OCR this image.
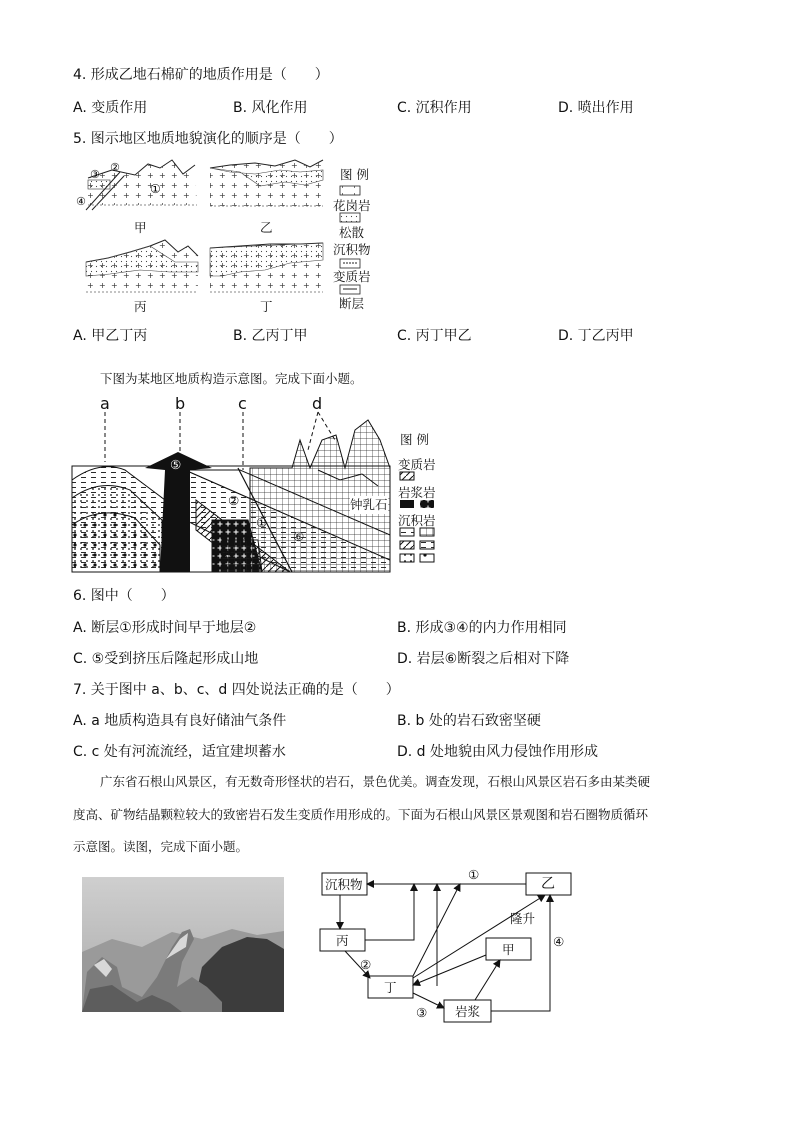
4. 形成乙地石棉矿的地质作用是（　　）
A. 变质作用	B. 风化作用	C. 沉积作用	D. 喷出作用
5. 图示地区地质地貌演化的顺序是（　　）
①
②
③
④
甲	乙
丙	丁
图 例
花岗岩
松散
沉积物
变质岩
断层
A. 甲乙丁丙	B. 乙丙丁甲	C. 丙丁甲乙	D. 丁乙丙甲
下图为某地区地质构造示意图。完成下面小题。
a	b	c	d
⑤
②
①
③
④
⑥
钟乳石
图 例
变质岩
岩浆岩
沉积岩
6. 图中（　　）
A. 断层①形成时间早于地层②	B. 形成③④的内力作用相同
C. ⑤受到挤压后隆起形成山地	D. 岩层⑥断裂之后相对下降
7. 关于图中 a、b、c、d 四处说法正确的是（　　）
A. a 地质构造具有良好储油气条件	B. b 处的岩石致密坚硬
C. c 处有河流流经，适宜建坝蓄水	D. d 处地貌由风力侵蚀作用形成
广东省石根山风景区，有无数奇形怪状的岩石，景色优美。调查发现，石根山风景区岩石多由某类硬
度高、矿物结晶颗粒较大的致密岩石发生变质作用形成的。下面为石根山风景区景观图和岩石圈物质循环
示意图。读图，完成下面小题。
沉积物	乙
丙
甲
丁
岩浆
①
②
③
④
隆升
